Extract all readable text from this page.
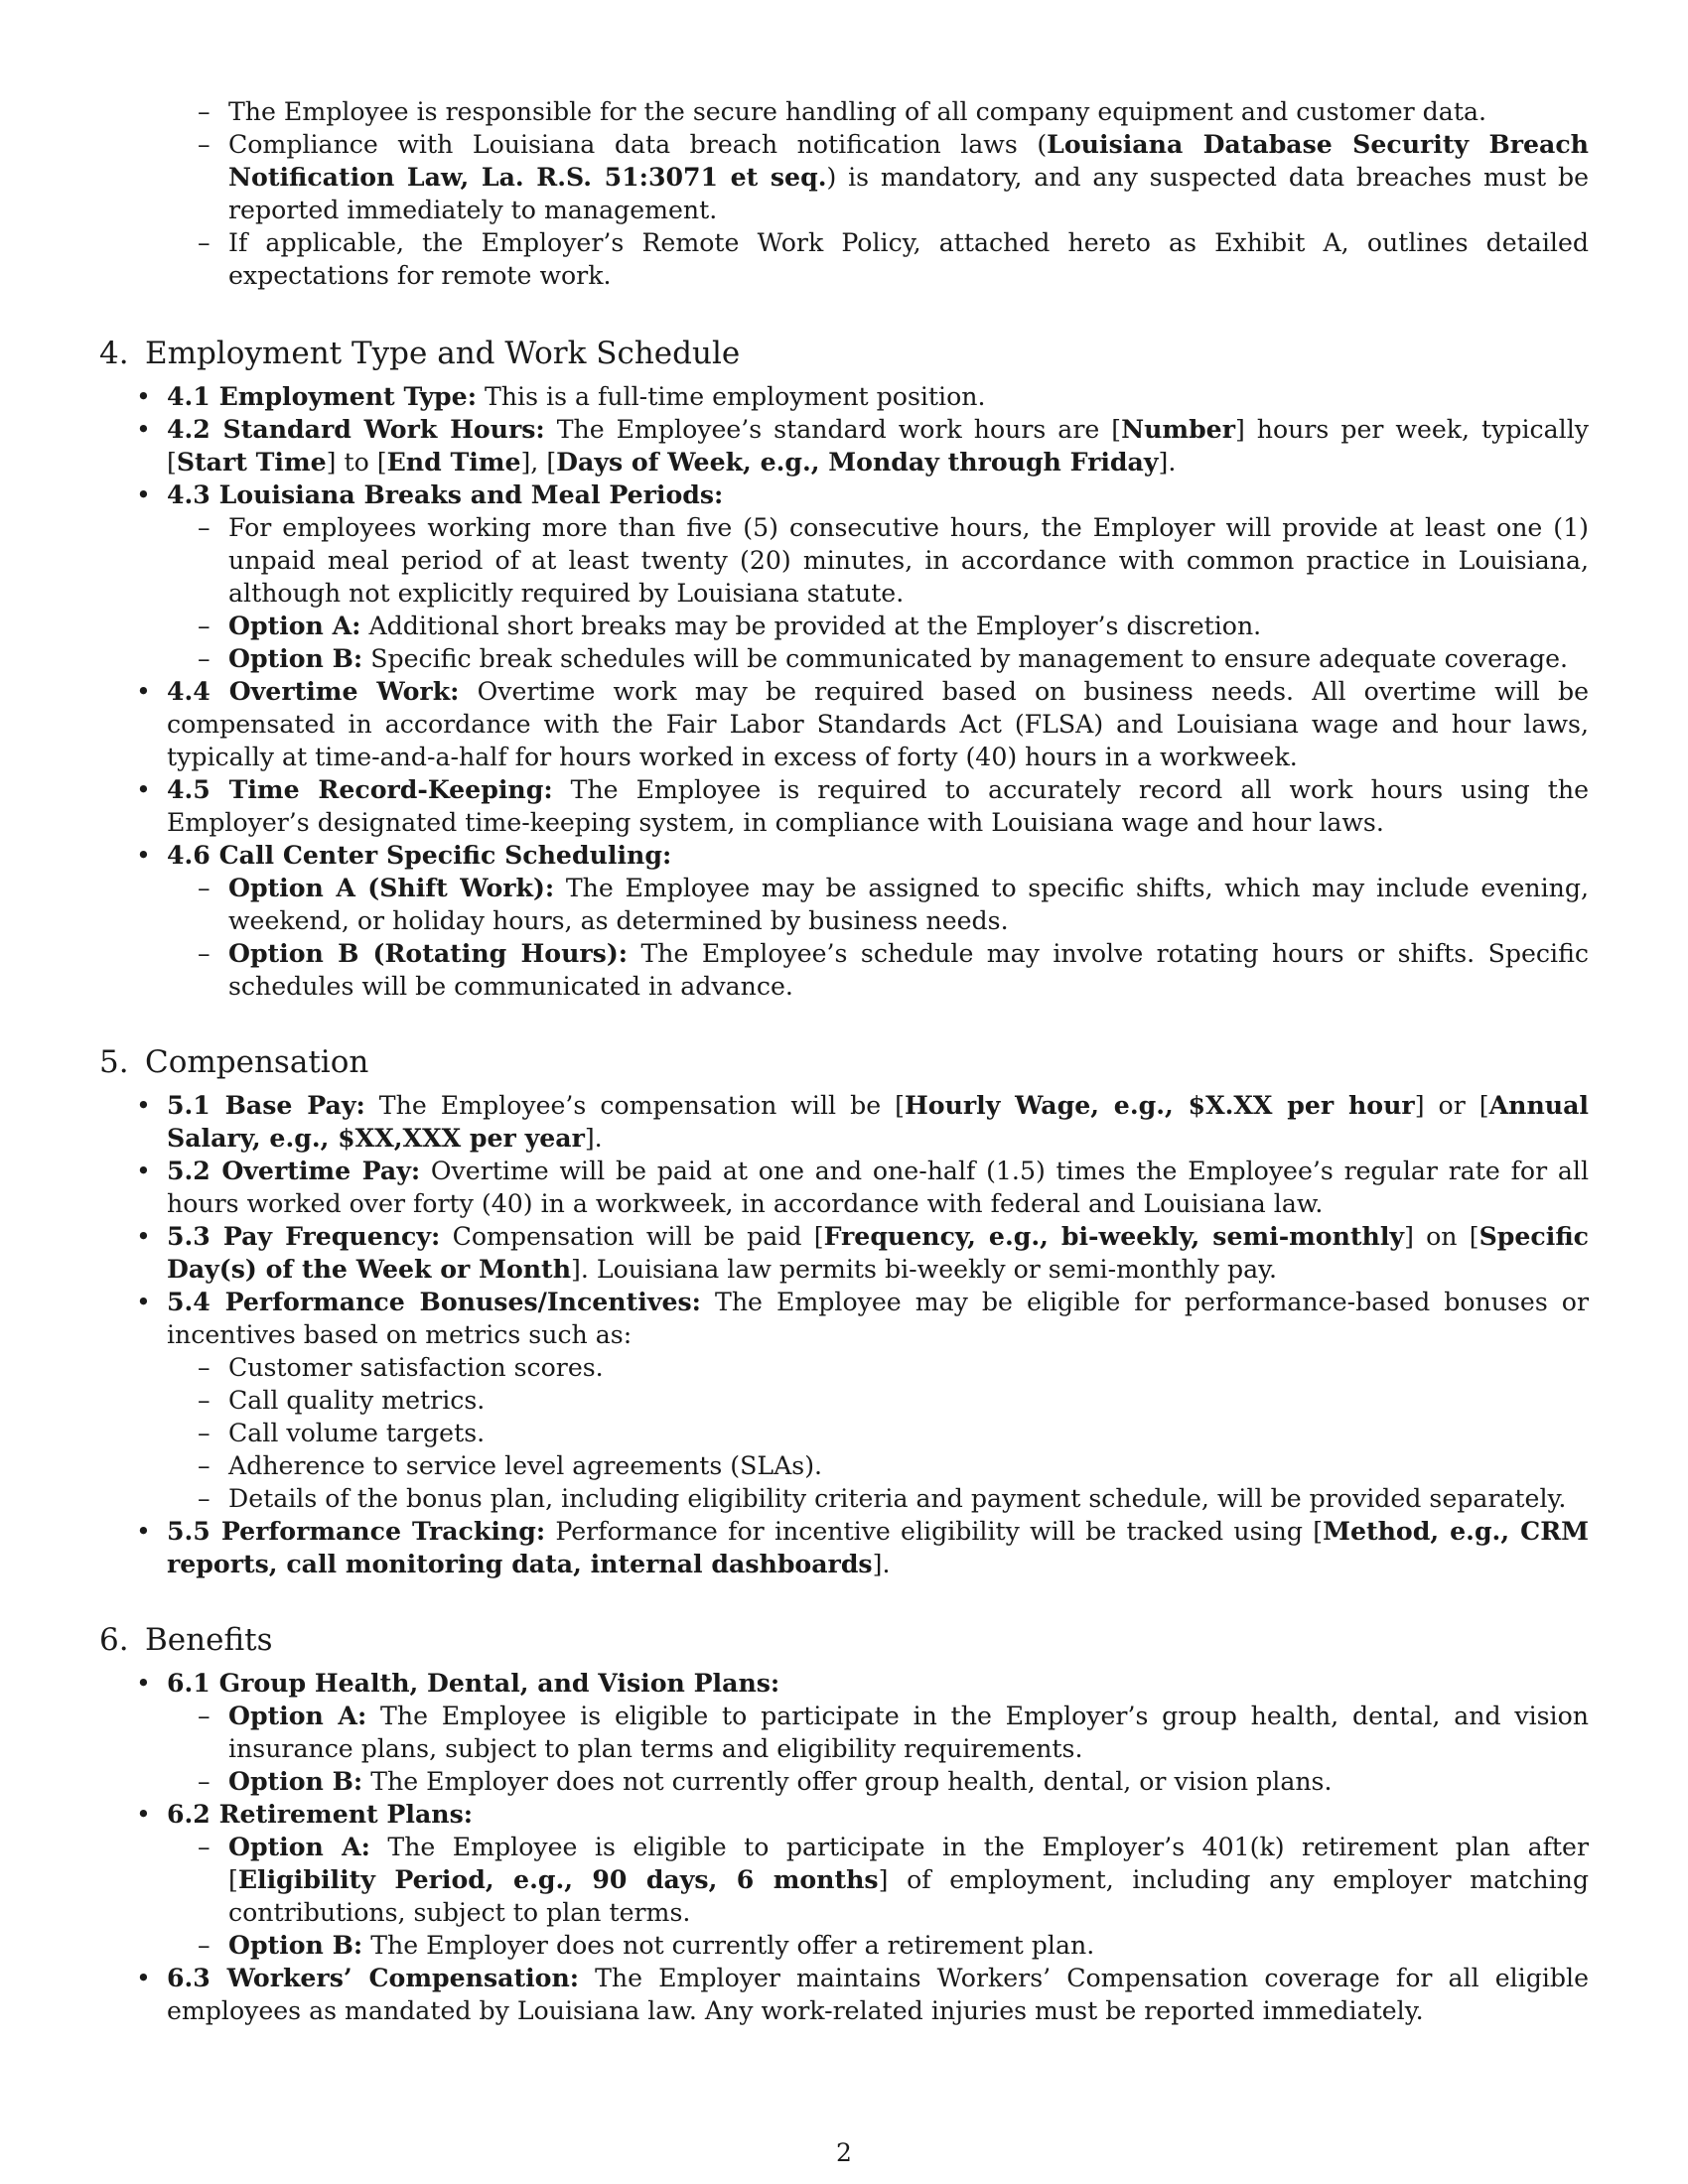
– The Employee is responsible for the secure handling of all company equipment and customer data.
– Compliance with Louisiana data breach notification laws (Louisiana Database Security Breach Notification Law, La. R.S. 51:3071 et seq.) is mandatory, and any suspected data breaches must be reported immediately to management.
– If applicable, the Employer’s Remote Work Policy, attached hereto as Exhibit A, outlines detailed expectations for remote work.
4. Employment Type and Work Schedule
• 4.1 Employment Type: This is a full-time employment position.
• 4.2 Standard Work Hours: The Employee’s standard work hours are [Number] hours per week, typically [Start Time] to [End Time], [Days of Week, e.g., Monday through Friday].
• 4.3 Louisiana Breaks and Meal Periods:
– For employees working more than five (5) consecutive hours, the Employer will provide at least one (1) unpaid meal period of at least twenty (20) minutes, in accordance with common practice in Louisiana, although not explicitly required by Louisiana statute.
– Option A: Additional short breaks may be provided at the Employer’s discretion.
– Option B: Specific break schedules will be communicated by management to ensure adequate coverage.
• 4.4 Overtime Work: Overtime work may be required based on business needs. All overtime will be compensated in accordance with the Fair Labor Standards Act (FLSA) and Louisiana wage and hour laws, typically at time-and-a-half for hours worked in excess of forty (40) hours in a workweek.
• 4.5 Time Record-Keeping: The Employee is required to accurately record all work hours using the Employer’s designated time-keeping system, in compliance with Louisiana wage and hour laws.
• 4.6 Call Center Specific Scheduling:
– Option A (Shift Work): The Employee may be assigned to specific shifts, which may include evening, weekend, or holiday hours, as determined by business needs.
– Option B (Rotating Hours): The Employee’s schedule may involve rotating hours or shifts. Specific schedules will be communicated in advance.
5. Compensation
• 5.1 Base Pay: The Employee’s compensation will be [Hourly Wage, e.g., $X.XX per hour] or [Annual Salary, e.g., $XX,XXX per year].
• 5.2 Overtime Pay: Overtime will be paid at one and one-half (1.5) times the Employee’s regular rate for all hours worked over forty (40) in a workweek, in accordance with federal and Louisiana law.
• 5.3 Pay Frequency: Compensation will be paid [Frequency, e.g., bi-weekly, semi-monthly] on [Specific Day(s) of the Week or Month]. Louisiana law permits bi-weekly or semi-monthly pay.
• 5.4 Performance Bonuses/Incentives: The Employee may be eligible for performance-based bonuses or incentives based on metrics such as:
– Customer satisfaction scores.
– Call quality metrics.
– Call volume targets.
– Adherence to service level agreements (SLAs).
– Details of the bonus plan, including eligibility criteria and payment schedule, will be provided separately.
• 5.5 Performance Tracking: Performance for incentive eligibility will be tracked using [Method, e.g., CRM reports, call monitoring data, internal dashboards].
6. Benefits
• 6.1 Group Health, Dental, and Vision Plans:
– Option A: The Employee is eligible to participate in the Employer’s group health, dental, and vision insurance plans, subject to plan terms and eligibility requirements.
– Option B: The Employer does not currently offer group health, dental, or vision plans.
• 6.2 Retirement Plans:
– Option A: The Employee is eligible to participate in the Employer’s 401(k) retirement plan after [Eligibility Period, e.g., 90 days, 6 months] of employment, including any employer matching contributions, subject to plan terms.
– Option B: The Employer does not currently offer a retirement plan.
• 6.3 Workers’ Compensation: The Employer maintains Workers’ Compensation coverage for all eligible employees as mandated by Louisiana law. Any work-related injuries must be reported immediately.
2
